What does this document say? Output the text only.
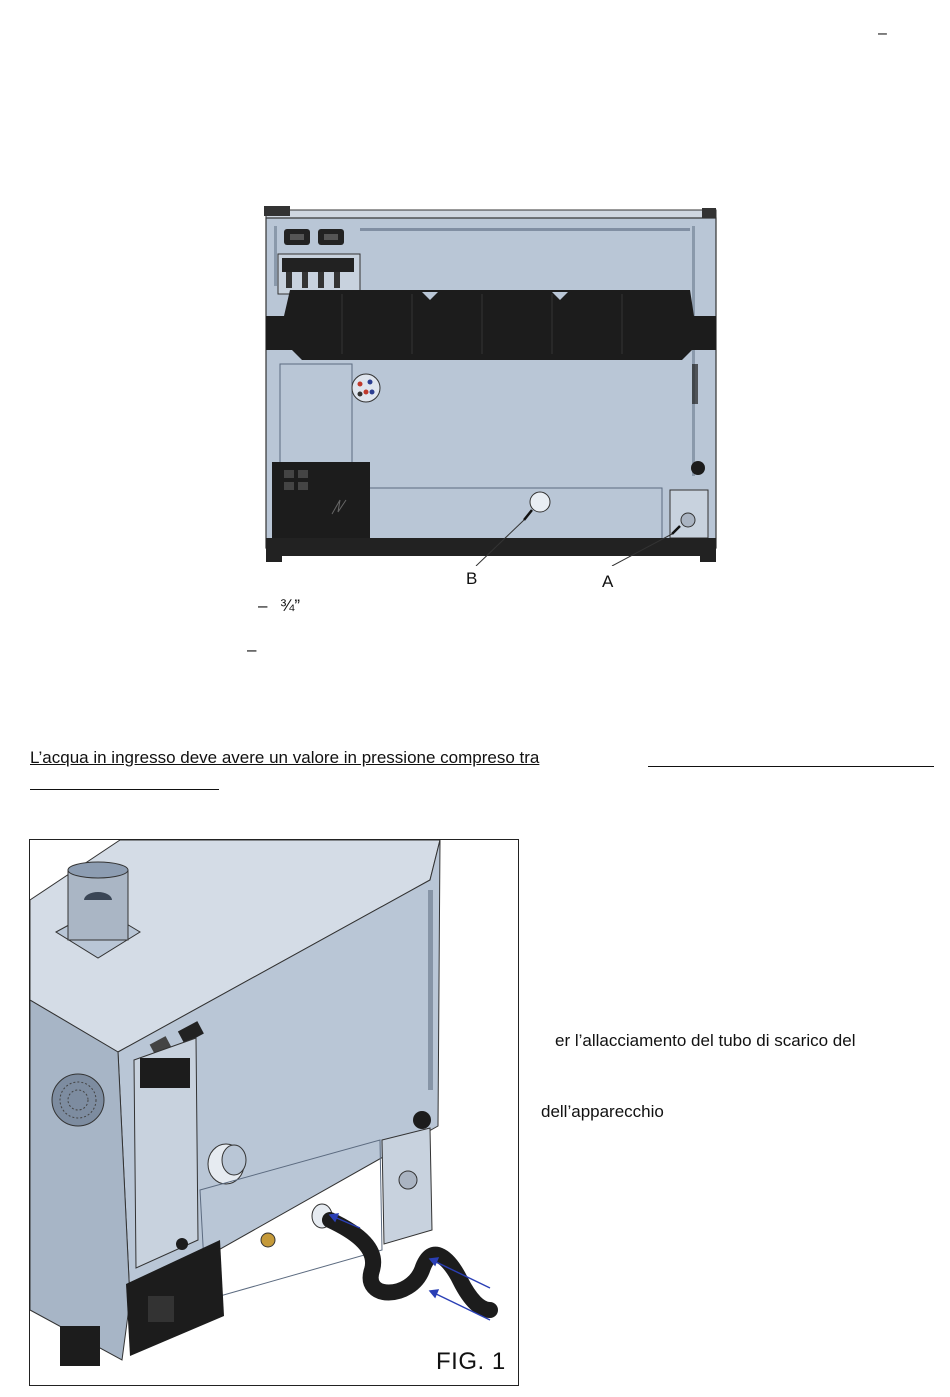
–
B	A
– ¾”
–
L’acqua in ingresso deve avere un valore in pressione compreso tra
FIG. 1
er l’allacciamento del tubo di scarico del
dell’apparecchio
